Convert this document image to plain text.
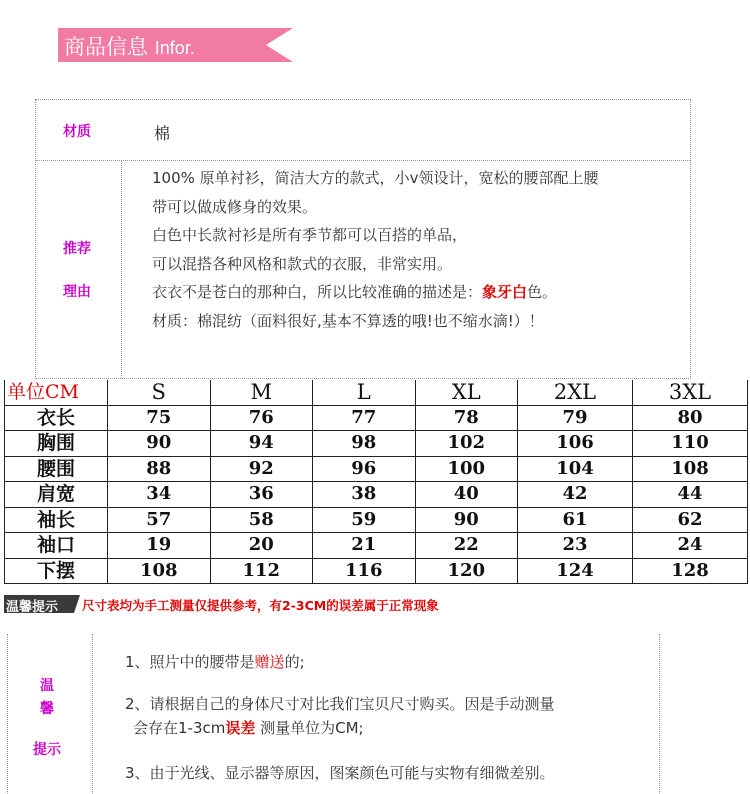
商品信息 Infor.
材质	棉
推荐
理由

100% 原单衬衫，简洁大方的款式，小v领设计，宽松的腰部配上腰

带可以做成修身的效果。

白色中长款衬衫是所有季节都可以百搭的单品，

可以混搭各种风格和款式的衣服，非常实用。

衣衣不是苍白的那种白，所以比较准确的描述是：象牙白色。

材质：棉混纺（面料很好,基本不算透的哦!也不缩水滴!）！

单位CM	S	M	L	XL	2XL	3XL
衣长	75	76	77	78	79	80
胸围	90	94	98	102	106	110
腰围	88	92	96	100	104	108
肩宽	34	36	38	40	42	44
袖长	57	58	59	90	61	62
袖口	19	20	21	22	23	24
下摆	108	112	116	120	124	128
温馨提示 尺寸表均为手工测量仅提供参考，有2-3CM的误差属于正常现象
温
馨
提示
1、照片中的腰带是赠送的;
2、请根据自己的身体尺寸对比我们宝贝尺寸购买。因是手动测量
会存在1-3cm误差 测量单位为CM;
3、由于光线、显示器等原因，图案颜色可能与实物有细微差别。
